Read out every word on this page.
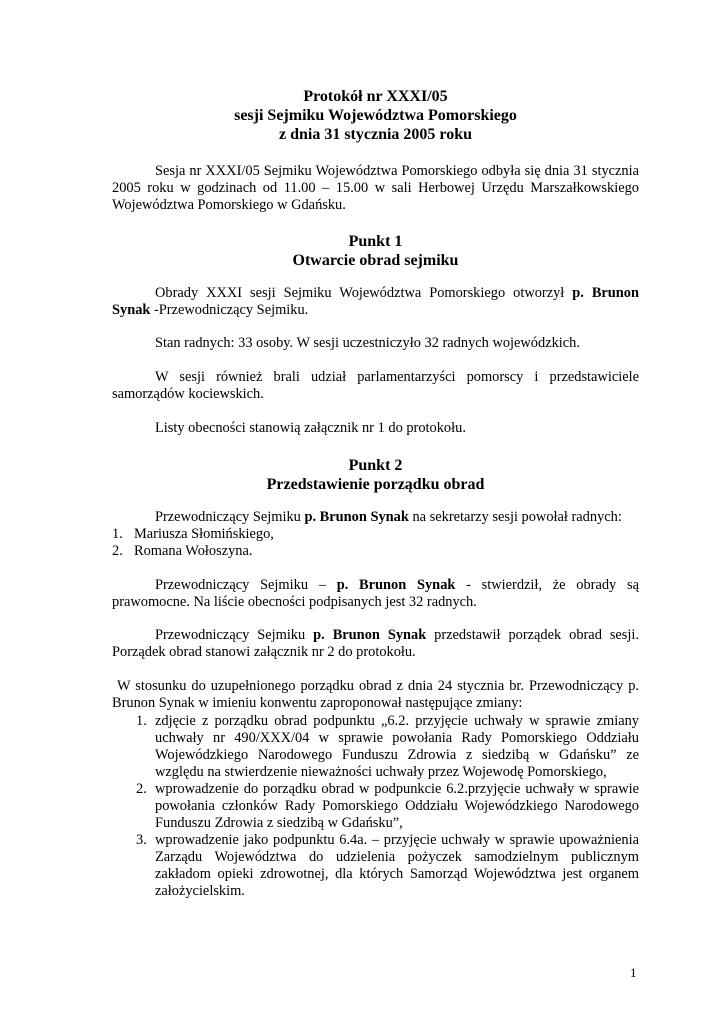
Protokół nr XXXI/05
sesji Sejmiku Województwa Pomorskiego
z dnia 31 stycznia 2005 roku

Sesja nr XXXI/05 Sejmiku Województwa Pomorskiego odbyła się dnia 31 stycznia 2005 roku w godzinach od 11.00 – 15.00 w sali Herbowej Urzędu Marszałkowskiego Województwa Pomorskiego w Gdańsku.

Punkt 1
Otwarcie obrad sejmiku

Obrady XXXI sesji Sejmiku Województwa Pomorskiego otworzył p. Brunon Synak -Przewodniczący Sejmiku.

Stan radnych: 33 osoby. W sesji uczestniczyło 32 radnych wojewódzkich.

W sesji również brali udział parlamentarzyści pomorscy i przedstawiciele samorządów kociewskich.

Listy obecności stanowią załącznik nr 1 do protokołu.

Punkt 2
Przedstawienie porządku obrad

Przewodniczący Sejmiku p. Brunon Synak na sekretarzy sesji powołał radnych:

1. Mariusza Słomińskiego,
2. Romana Wołoszyna.

Przewodniczący Sejmiku – p. Brunon Synak - stwierdził, że obrady są prawomocne. Na liście obecności podpisanych jest 32 radnych.

Przewodniczący Sejmiku p. Brunon Synak przedstawił porządek obrad sesji. Porządek obrad stanowi załącznik nr 2 do protokołu.

W stosunku do uzupełnionego porządku obrad z dnia 24 stycznia br. Przewodniczący p. Brunon Synak w imieniu konwentu zaproponował następujące zmiany:

1. zdjęcie z porządku obrad podpunktu „6.2. przyjęcie uchwały w sprawie zmiany uchwały nr 490/XXX/04 w sprawie powołania Rady Pomorskiego Oddziału Wojewódzkiego Narodowego Funduszu Zdrowia z siedzibą w Gdańsku” ze względu na stwierdzenie nieważności uchwały przez Wojewodę Pomorskiego,
2. wprowadzenie do porządku obrad w podpunkcie 6.2.przyjęcie uchwały w sprawie powołania członków Rady Pomorskiego Oddziału Wojewódzkiego Narodowego Funduszu Zdrowia z siedzibą w Gdańsku”,
3. wprowadzenie jako podpunktu 6.4a. – przyjęcie uchwały w sprawie upoważnienia Zarządu Województwa do udzielenia pożyczek samodzielnym publicznym zakładom opieki zdrowotnej, dla których Samorząd Województwa jest organem założycielskim.
1
